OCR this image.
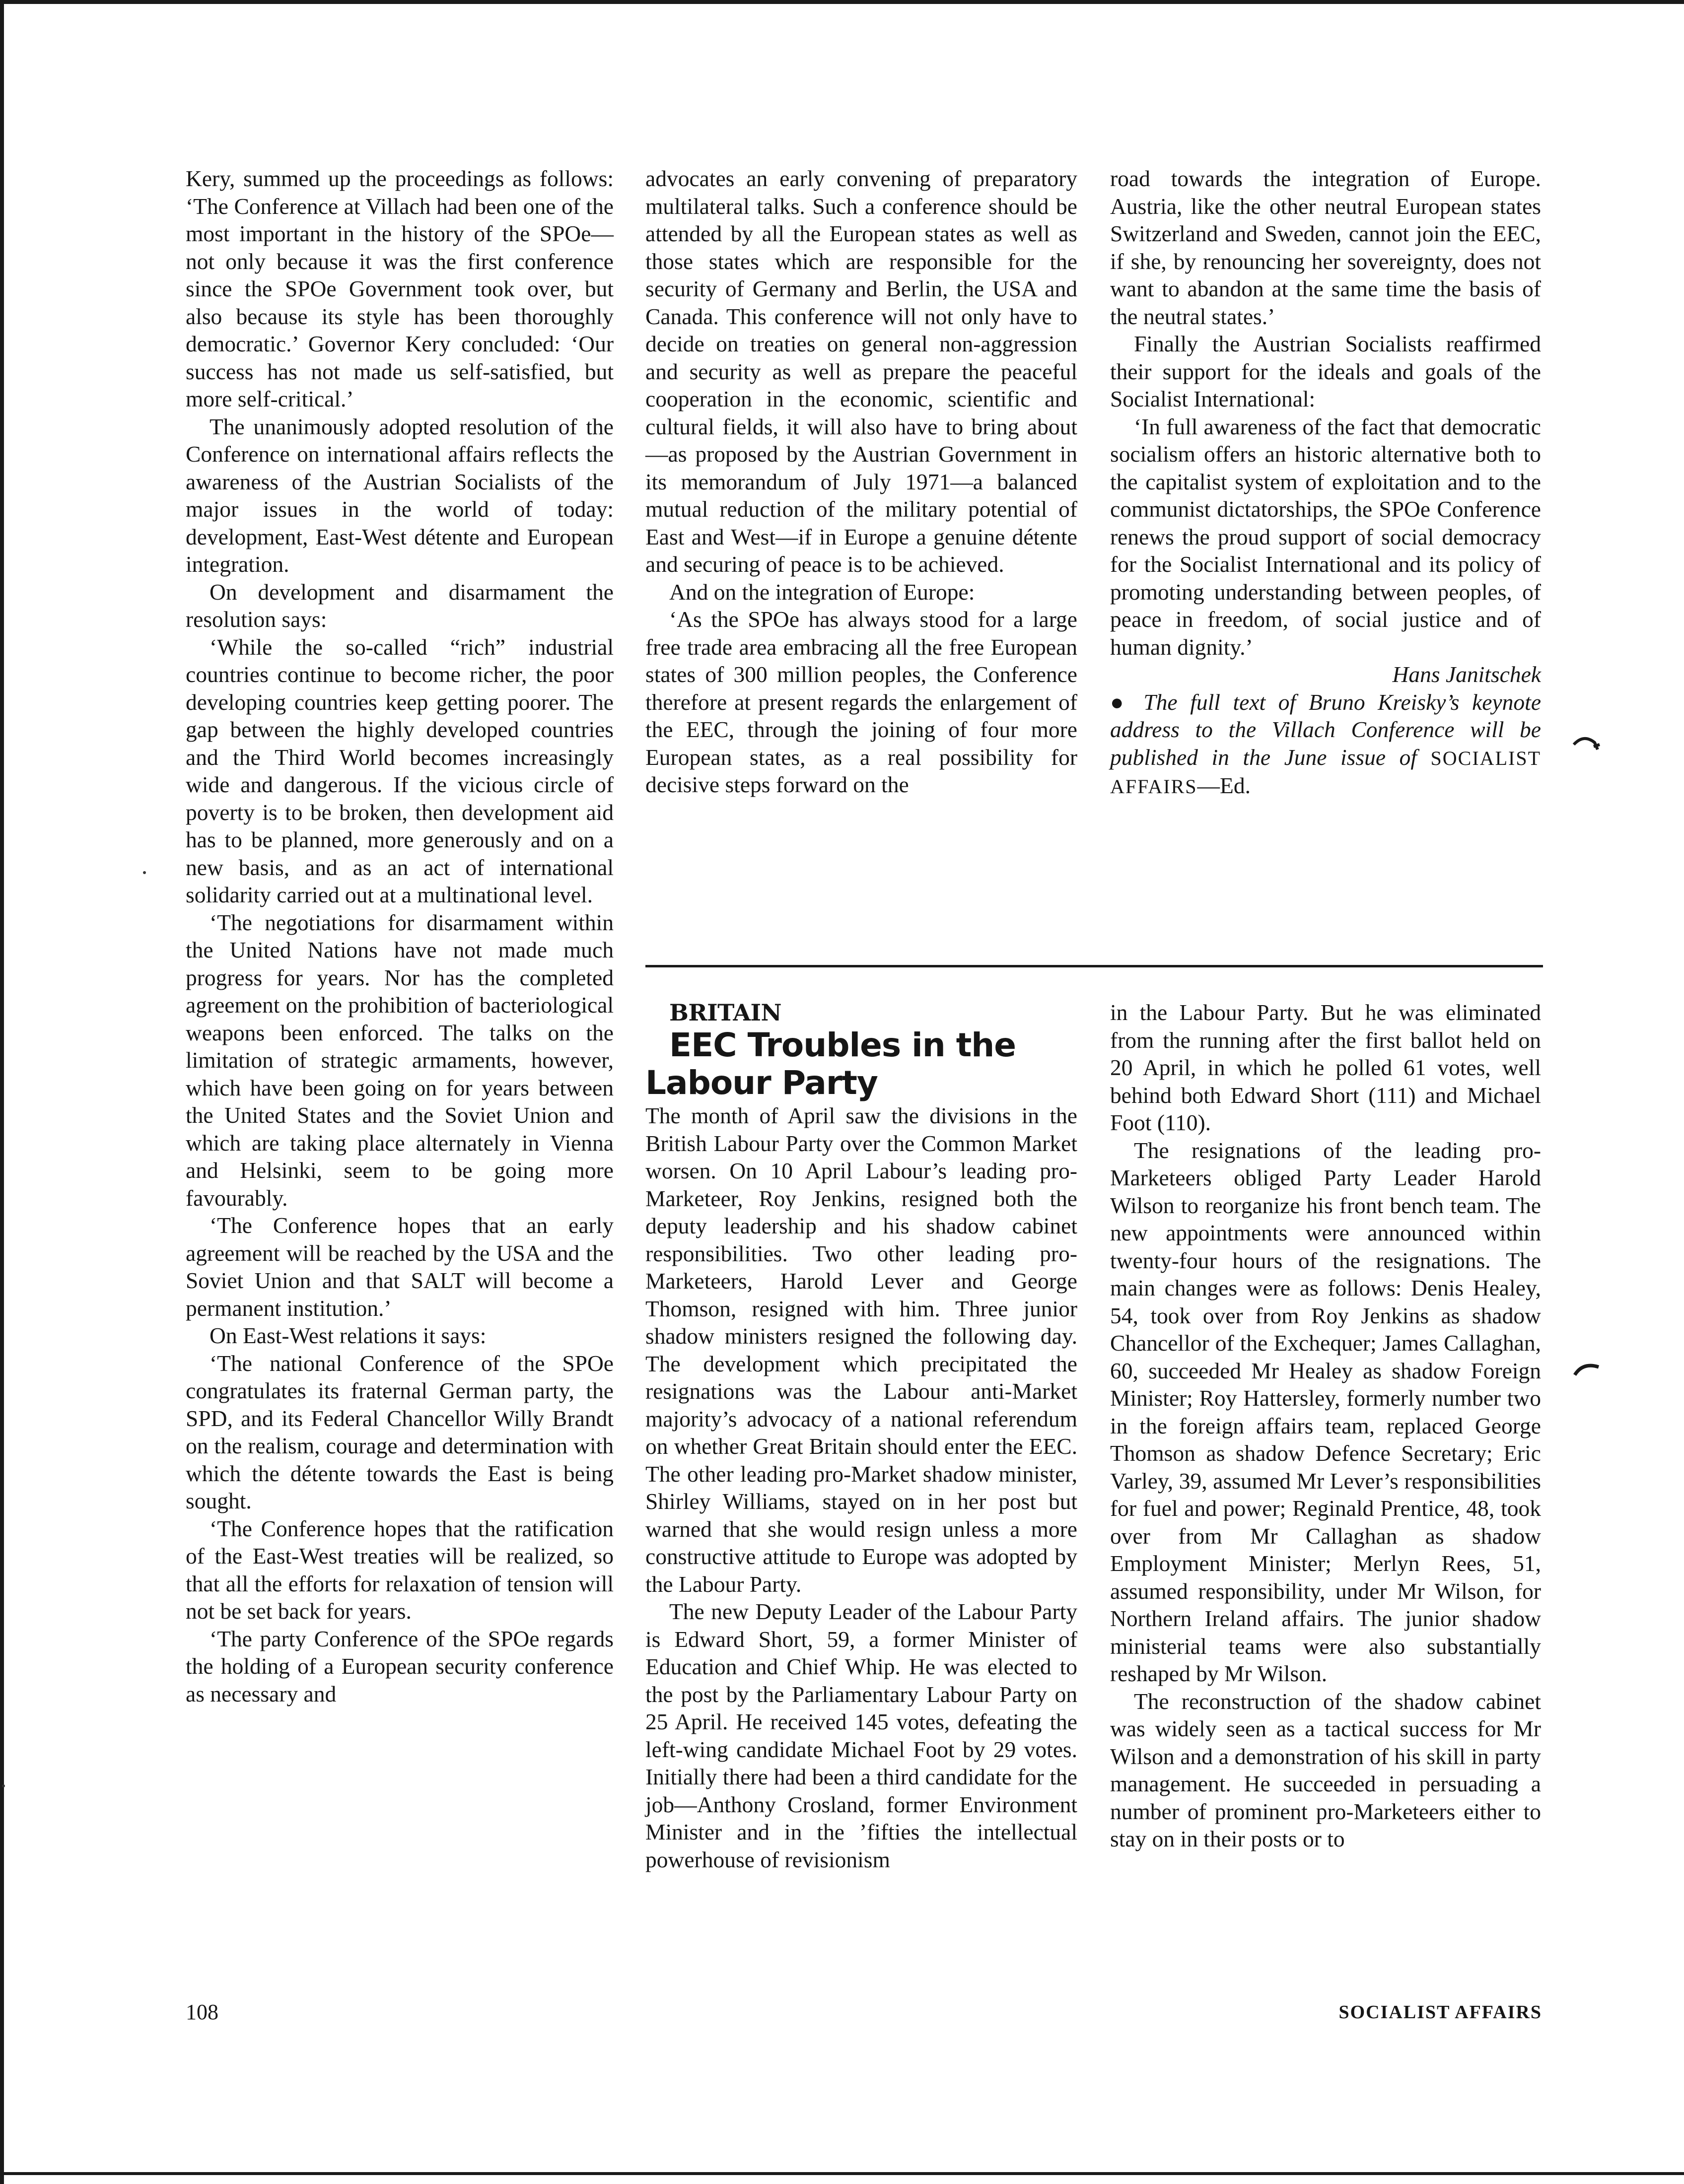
Kery, summed up the proceedings as follows: ‘The Conference at Villach had been one of the most important in the history of the SPOe—not only because it was the first conference since the SPOe Government took over, but also because its style has been thoroughly democratic.’ Governor Kery concluded: ‘Our success has not made us self-satisfied, but more self-critical.’

The unanimously adopted resolution of the Conference on international affairs reflects the awareness of the Austrian Socialists of the major issues in the world of today: development, East-West détente and European integration.

On development and disarmament the resolution says:

‘While the so-called “rich” industrial countries continue to become richer, the poor developing countries keep getting poorer. The gap between the highly developed countries and the Third World becomes increasingly wide and dangerous. If the vicious circle of poverty is to be broken, then development aid has to be planned, more generously and on a new basis, and as an act of international solidarity carried out at a multinational level.

‘The negotiations for disarmament within the United Nations have not made much progress for years. Nor has the completed agreement on the prohibition of bacteriological weapons been enforced. The talks on the limitation of strategic armaments, however, which have been going on for years between the United States and the Soviet Union and which are taking place alternately in Vienna and Helsinki, seem to be going more favourably.

‘The Conference hopes that an early agreement will be reached by the USA and the Soviet Union and that SALT will become a permanent institution.’

On East-West relations it says:

‘The national Conference of the SPOe congratulates its fraternal German party, the SPD, and its Federal Chancellor Willy Brandt on the realism, courage and determination with which the détente towards the East is being sought.

‘The Conference hopes that the ratification of the East-West treaties will be realized, so that all the efforts for relaxation of tension will not be set back for years.

‘The party Conference of the SPOe regards the holding of a European security conference as necessary and

advocates an early convening of preparatory multilateral talks. Such a conference should be attended by all the European states as well as those states which are responsible for the security of Germany and Berlin, the USA and Canada. This conference will not only have to decide on treaties on general non-aggression and security as well as prepare the peaceful cooperation in the economic, scientific and cultural fields, it will also have to bring about—as proposed by the Austrian Government in its memorandum of July 1971—a balanced mutual reduction of the military potential of East and West—if in Europe a genuine détente and securing of peace is to be achieved.

And on the integration of Europe:

‘As the SPOe has always stood for a large free trade area embracing all the free European states of 300 million peoples, the Conference therefore at present regards the enlargement of the EEC, through the joining of four more European states, as a real possibility for decisive steps forward on the

road towards the integration of Europe. Austria, like the other neutral European states Switzerland and Sweden, cannot join the EEC, if she, by renouncing her sovereignty, does not want to abandon at the same time the basis of the neutral states.’

Finally the Austrian Socialists reaffirmed their support for the ideals and goals of the Socialist International:

‘In full awareness of the fact that democratic socialism offers an historic alternative both to the capitalist system of exploitation and to the communist dictatorships, the SPOe Conference renews the proud support of social democracy for the Socialist International and its policy of promoting understanding between peoples, of peace in freedom, of social justice and of human dignity.’

Hans Janitschek

● The full text of Bruno Kreisky’s keynote address to the Villach Conference will be published in the June issue of SOCIALIST AFFAIRS—Ed.

BRITAIN

EEC Troubles in the Labour Party

The month of April saw the divisions in the British Labour Party over the Common Market worsen. On 10 April Labour’s leading pro-Marketeer, Roy Jenkins, resigned both the deputy leadership and his shadow cabinet responsibilities. Two other leading pro-Marketeers, Harold Lever and George Thomson, resigned with him. Three junior shadow ministers resigned the following day. The development which precipitated the resignations was the Labour anti-Market majority’s advocacy of a national referendum on whether Great Britain should enter the EEC. The other leading pro-Market shadow minister, Shirley Williams, stayed on in her post but warned that she would resign unless a more constructive attitude to Europe was adopted by the Labour Party.

The new Deputy Leader of the Labour Party is Edward Short, 59, a former Minister of Education and Chief Whip. He was elected to the post by the Parliamentary Labour Party on 25 April. He received 145 votes, defeating the left-wing candidate Michael Foot by 29 votes. Initially there had been a third candidate for the job—Anthony Crosland, former Environment Minister and in the ’fifties the intellectual powerhouse of revisionism

in the Labour Party. But he was eliminated from the running after the first ballot held on 20 April, in which he polled 61 votes, well behind both Edward Short (111) and Michael Foot (110).

The resignations of the leading pro-Marketeers obliged Party Leader Harold Wilson to reorganize his front bench team. The new appointments were announced within twenty-four hours of the resignations. The main changes were as follows: Denis Healey, 54, took over from Roy Jenkins as shadow Chancellor of the Exchequer; James Callaghan, 60, succeeded Mr Healey as shadow Foreign Minister; Roy Hattersley, formerly number two in the foreign affairs team, replaced George Thomson as shadow Defence Secretary; Eric Varley, 39, assumed Mr Lever’s responsibilities for fuel and power; Reginald Prentice, 48, took over from Mr Callaghan as shadow Employment Minister; Merlyn Rees, 51, assumed responsibility, under Mr Wilson, for Northern Ireland affairs. The junior shadow ministerial teams were also substantially reshaped by Mr Wilson.

The reconstruction of the shadow cabinet was widely seen as a tactical success for Mr Wilson and a demonstration of his skill in party management. He succeeded in persuading a number of prominent pro-Marketeers either to stay on in their posts or to

108	SOCIALIST AFFAIRS
